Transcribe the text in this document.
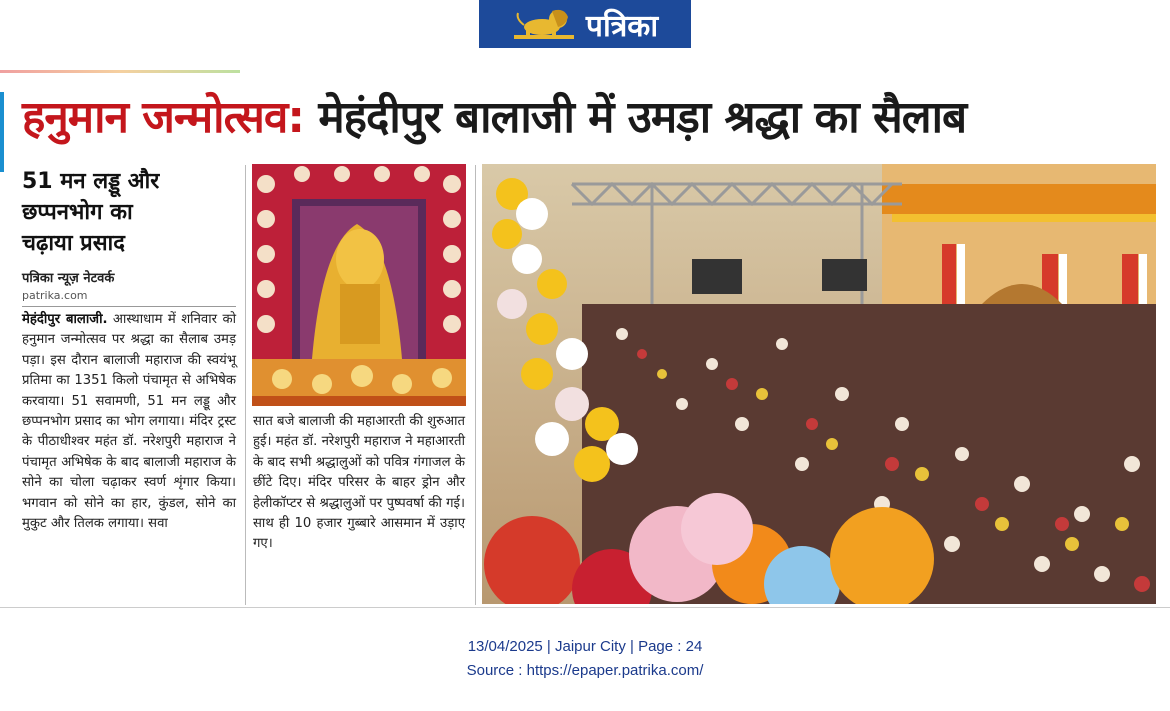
पत्रिका
हनुमान जन्मोत्सव: मेहंदीपुर बालाजी में उमड़ा श्रद्धा का सैलाब
51 मन लड्डू और
छप्पनभोग का
चढ़ाया प्रसाद
पत्रिका न्यूज़ नेटवर्क
patrika.com
मेहंदीपुर बालाजी. आस्थाधाम में शनिवार को हनुमान जन्मोत्सव पर श्रद्धा का सैलाब उमड़ पड़ा। इस दौरान बालाजी महाराज की स्वयंभू प्रतिमा का 1351 किलो पंचामृत से अभिषेक करवाया। 51 सवामणी, 51 मन लड्डू और छप्पनभोग प्रसाद का भोग लगाया। मंदिर ट्रस्ट के पीठाधीश्वर महंत डॉ. नरेशपुरी महाराज ने पंचामृत अभिषेक के बाद बालाजी महाराज के सोने का चोला चढ़ाकर स्वर्ण शृंगार किया। भगवान को सोने का हार, कुंडल, सोने का मुकुट और तिलक लगाया। सवा
सात बजे बालाजी की महाआरती की शुरुआत हुई। महंत डॉ. नरेशपुरी महाराज ने महाआरती के बाद सभी श्रद्धालुओं को पवित्र गंगाजल के छींटे दिए। मंदिर परिसर के बाहर ड्रोन और हेलीकॉप्टर से श्रद्धालुओं पर पुष्पवर्षा की गई। साथ ही 10 हजार गुब्बारे आसमान में उड़ाए गए।
13/04/2025 | Jaipur City | Page : 24
Source : https://epaper.patrika.com/
